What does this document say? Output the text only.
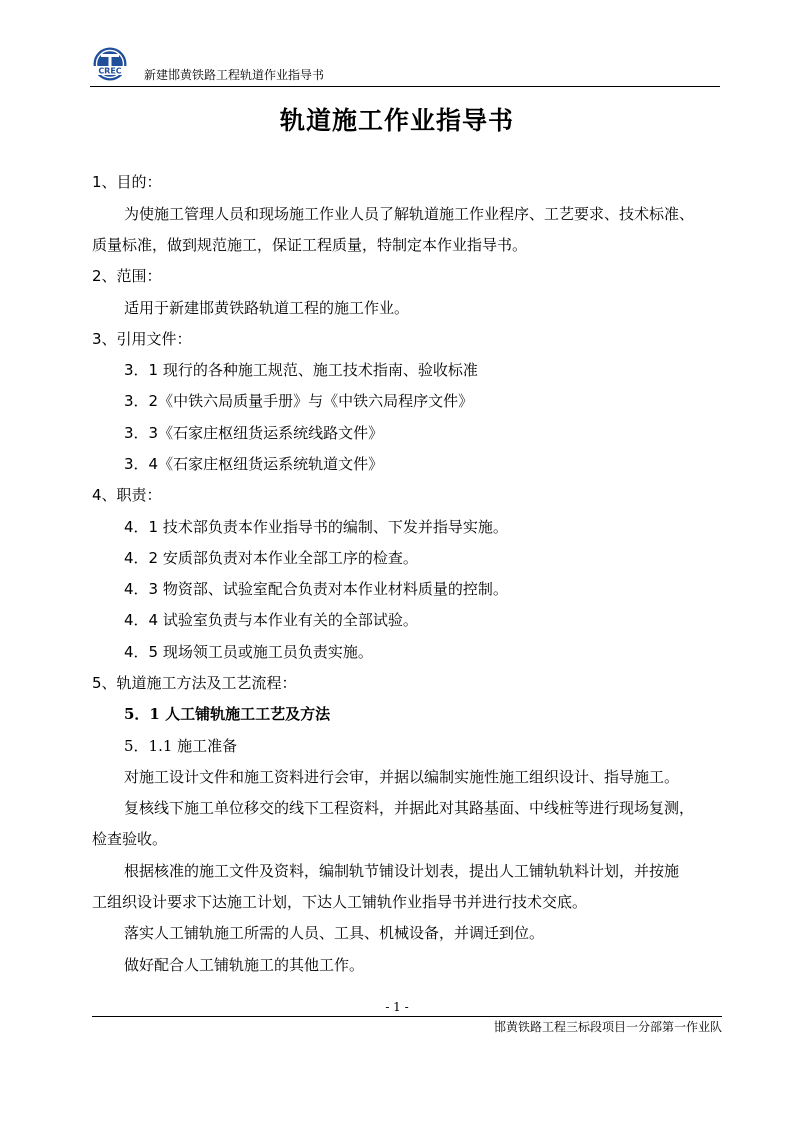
CREC 新建邯黄铁路工程轨道作业指导书
轨道施工作业指导书
1、目的：
为使施工管理人员和现场施工作业人员了解轨道施工作业程序、工艺要求、技术标准、
质量标准，做到规范施工，保证工程质量，特制定本作业指导书。
2、范围：
适用于新建邯黄铁路轨道工程的施工作业。
3、引用文件：
3．1 现行的各种施工规范、施工技术指南、验收标准
3．2《中铁六局质量手册》与《中铁六局程序文件》
3．3《石家庄枢纽货运系统线路文件》
3．4《石家庄枢纽货运系统轨道文件》
4、职责：
4．1 技术部负责本作业指导书的编制、下发并指导实施。
4．2 安质部负责对本作业全部工序的检查。
4．3 物资部、试验室配合负责对本作业材料质量的控制。
4．4 试验室负责与本作业有关的全部试验。
4．5 现场领工员或施工员负责实施。
5、轨道施工方法及工艺流程：
5．1 人工铺轨施工工艺及方法
5．1.1 施工准备
对施工设计文件和施工资料进行会审，并据以编制实施性施工组织设计、指导施工。
复核线下施工单位移交的线下工程资料，并据此对其路基面、中线桩等进行现场复测，
检查验收。
根据核准的施工文件及资料，编制轨节铺设计划表，提出人工铺轨轨料计划，并按施
工组织设计要求下达施工计划，下达人工铺轨作业指导书并进行技术交底。
落实人工铺轨施工所需的人员、工具、机械设备，并调迁到位。
做好配合人工铺轨施工的其他工作。
- 1 -
邯黄铁路工程三标段项目一分部第一作业队
